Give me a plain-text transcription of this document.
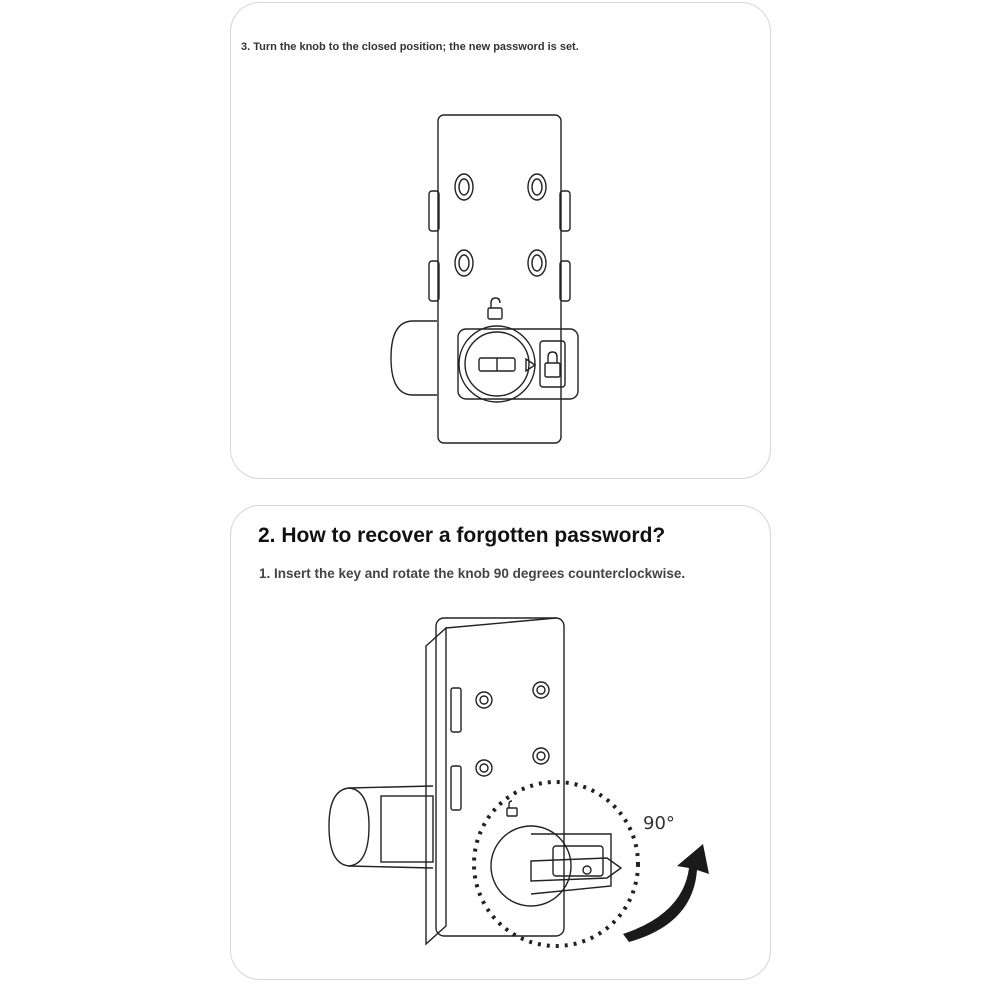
3. Turn the knob to the closed position; the new password is set.
2. How to recover a forgotten password?
1. Insert the key and rotate the knob 90 degrees counterclockwise.
90°
